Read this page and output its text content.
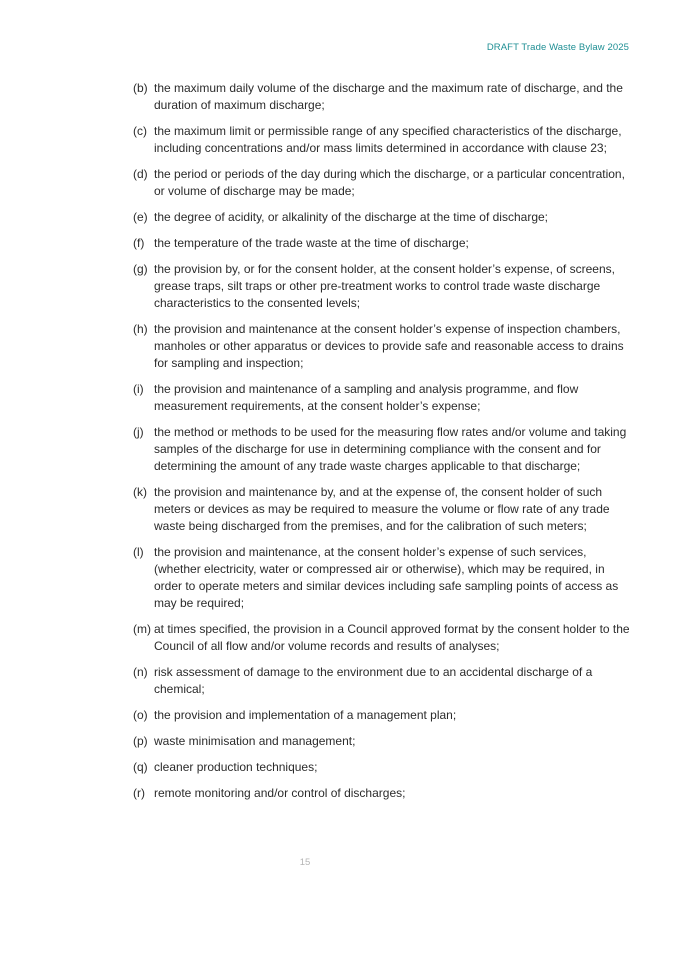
DRAFT Trade Waste Bylaw 2025
(b) the maximum daily volume of the discharge and the maximum rate of discharge, and the duration of maximum discharge;
(c) the maximum limit or permissible range of any specified characteristics of the discharge, including concentrations and/or mass limits determined in accordance with clause 23;
(d) the period or periods of the day during which the discharge, or a particular concentration, or volume of discharge may be made;
(e) the degree of acidity, or alkalinity of the discharge at the time of discharge;
(f) the temperature of the trade waste at the time of discharge;
(g) the provision by, or for the consent holder, at the consent holder’s expense, of screens, grease traps, silt traps or other pre-treatment works to control trade waste discharge characteristics to the consented levels;
(h) the provision and maintenance at the consent holder’s expense of inspection chambers, manholes or other apparatus or devices to provide safe and reasonable access to drains for sampling and inspection;
(i) the provision and maintenance of a sampling and analysis programme, and flow measurement requirements, at the consent holder’s expense;
(j) the method or methods to be used for the measuring flow rates and/or volume and taking samples of the discharge for use in determining compliance with the consent and for determining the amount of any trade waste charges applicable to that discharge;
(k) the provision and maintenance by, and at the expense of, the consent holder of such meters or devices as may be required to measure the volume or flow rate of any trade waste being discharged from the premises, and for the calibration of such meters;
(l) the provision and maintenance, at the consent holder’s expense of such services, (whether electricity, water or compressed air or otherwise), which may be required, in order to operate meters and similar devices including safe sampling points of access as may be required;
(m) at times specified, the provision in a Council approved format by the consent holder to the Council of all flow and/or volume records and results of analyses;
(n) risk assessment of damage to the environment due to an accidental discharge of a chemical;
(o) the provision and implementation of a management plan;
(p) waste minimisation and management;
(q) cleaner production techniques;
(r) remote monitoring and/or control of discharges;
15
